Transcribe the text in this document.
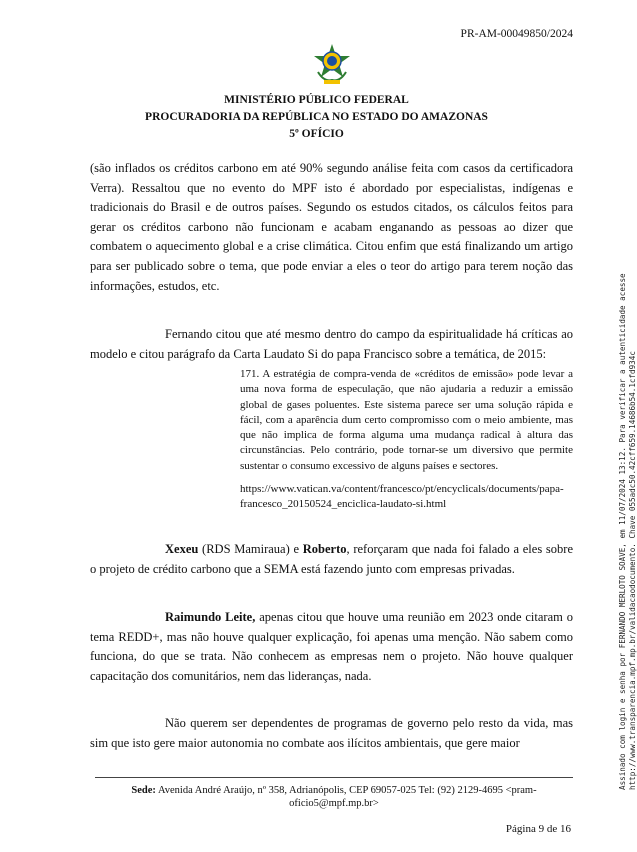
PR-AM-00049850/2024
MINISTÉRIO PÚBLICO FEDERAL
PROCURADORIA DA REPÚBLICA NO ESTADO DO AMAZONAS
5º OFÍCIO
(são inflados os créditos carbono em até 90% segundo análise feita com casos da certificadora Verra). Ressaltou que no evento do MPF isto é abordado por especialistas, indígenas e tradicionais do Brasil e de outros países. Segundo os estudos citados, os cálculos feitos para gerar os créditos carbono não funcionam e acabam enganando as pessoas ao dizer que combatem o aquecimento global e a crise climática. Citou enfim que está finalizando um artigo para ser publicado sobre o tema, que pode enviar a eles o teor do artigo para terem noção das informações, estudos, etc.
Fernando citou que até mesmo dentro do campo da espiritualidade há críticas ao modelo e citou parágrafo da Carta Laudato Si do papa Francisco sobre a temática, de 2015:

171. A estratégia de compra-venda de «créditos de emissão» pode levar a uma nova forma de especulação, que não ajudaria a reduzir a emissão global de gases poluentes. Este sistema parece ser uma solução rápida e fácil, com a aparência dum certo compromisso com o meio ambiente, mas que não implica de forma alguma uma mudança radical à altura das circunstâncias. Pelo contrário, pode tornar-se um diversivo que permite sustentar o consumo excessivo de alguns países e sectores.

https://www.vatican.va/content/francesco/pt/encyclicals/documents/papa-francesco_20150524_enciclica-laudato-si.html

Xexeu (RDS Mamiraua) e Roberto, reforçaram que nada foi falado a eles sobre o projeto de crédito carbono que a SEMA está fazendo junto com empresas privadas.
Raimundo Leite, apenas citou que houve uma reunião em 2023 onde citaram o tema REDD+, mas não houve qualquer explicação, foi apenas uma menção. Não sabem como funciona, do que se trata. Não conhecem as empresas nem o projeto. Não houve qualquer capacitação dos comunitários, nem das lideranças, nada.
Não querem ser dependentes de programas de governo pelo resto da vida, mas sim que isto gere maior autonomia no combate aos ilícitos ambientais, que gere maior
Sede: Avenida André Araújo, nº 358, Adrianópolis, CEP 69057-025 Tel: (92) 2129-4695 <pram-oficio5@mpf.mp.br>
Página 9 de 16
Assinado com login e senha por FERNANDO MERLOTO SOAVE, em 11/07/2024 13:12. Para verificar a autenticidade acesse http://www.transparencia.mpf.mp.br/validacaodocumento. Chave 055adc50.42cff659.14686b54.1cfd934c
